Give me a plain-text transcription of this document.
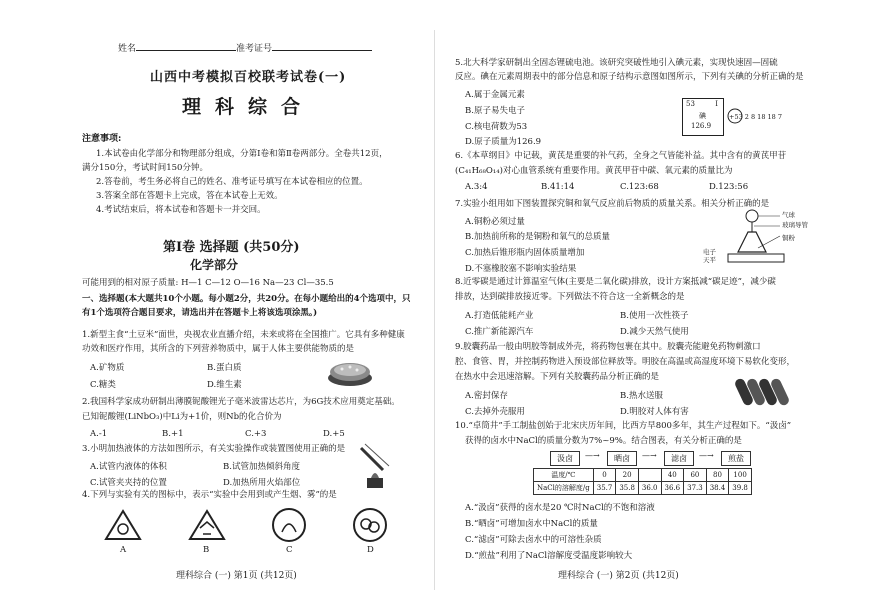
姓名	准考证号
山西中考模拟百校联考试卷(一)
理科综合
注意事项:
1.本试卷由化学部分和物理部分组成，分第Ⅰ卷和第Ⅱ卷两部分。全卷共12页，
满分150分，考试时间150分钟。
2.答卷前，考生务必将自己的姓名、准考证号填写在本试卷相应的位置。
3.答案全部在答题卡上完成，答在本试卷上无效。
4.考试结束后，将本试卷和答题卡一并交回。
第Ⅰ卷 选择题 (共50分)
化学部分
可能用到的相对原子质量: H—1 C—12 O—16 Na—23 Cl—35.5
一、选择题(本大题共10个小题。每小题2分，共20分。在每小题给出的4个选项中，只
有1个选项符合题目要求，请选出并在答题卡上将该选项涂黑。)
1.新型主食“土豆米”面世，央视农业直播介绍，未来或将在全国推广。它具有多种健康
功效和医疗作用，其所含的下列营养物质中，属于人体主要供能物质的是
A.矿物质	B.蛋白质
C.糖类	D.维生素
2.我国科学家成功研制出薄膜铌酸锂光子毫米波雷达芯片，为6G技术应用奠定基础。
已知铌酸锂(LiNbO₃)中Li为+1价，则Nb的化合价为
A.-1	B.+1	C.+3	D.+5
3.小明加热液体的方法如图所示，有关实验操作或装置图使用正确的是
A.试管内液体的体积	B.试管加热倾斜角度
C.试管夹夹持的位置	D.加热所用火焰部位
4.下列与实验有关的图标中，表示“实验中会用到或产生烟、雾”的是
A	B	C	D
理科综合 (一) 第1页 (共12页)
5.北大科学家研制出全固态锂硫电池。该研究突破性地引入碘元素，实现快速固—固硫
反应。碘在元素周期表中的部分信息和原子结构示意图如图所示，下列有关碘的分析正确的是
A.属于金属元素
B.原子易失电子
C.核电荷数为53
D.原子质量为126.9
53	I
碘
126.9
+53 2 8 18 18 7
6.《本草纲目》中记载，黄芪是重要的补气药，全身之气皆能补益。其中含有的黄芪甲苷
(C₄₁H₆₈O₁₄)对心血管系统有重要作用。黄芪甲苷中碳、氧元素的质量比为
A.3:4	B.41:14	C.123:68	D.123:56
7.实验小组用如下图装置探究铜和氧气反应前后物质的质量关系。相关分析正确的是
A.铜粉必须过量
B.加热前所称的是铜粉和氧气的总质量
C.加热后锥形瓶内固体质量增加
D.不塞橡胶塞不影响实验结果
气球
玻璃导管
铜粉
电子天平
8.近零碳是通过计算温室气体(主要是二氧化碳)排放，设计方案抵减“碳足迹”，减少碳
排放，达到碳排放接近零。下列做法不符合这一全新概念的是
A.打造低能耗产业	B.使用一次性筷子
C.推广新能源汽车	D.减少天然气使用
9.胶囊药品一般由明胶等制成外壳，将药物包裹在其中。胶囊壳能避免药物刺激口
腔、食管、胃，并控制药物进入预设部位释放等。明胶在高温或高湿度环境下易软化变形，
在热水中会迅速溶解。下列有关胶囊药品分析正确的是
A.密封保存	B.热水送服
C.去掉外壳服用	D.明胶对人体有害
10.“卓筒井”手工制盐创始于北宋庆历年间，比西方早800多年，其生产过程如下。“汲卤”
获得的卤水中NaCl的质量分数为7%~9%。结合图表，有关分析正确的是
汲卤	—→	晒卤	—→	滤卤	—→	煎盐
温度/℃	0	20		40	60	80	100
NaCl的溶解度/g	35.7	35.8	36.0	36.6	37.3	38.4	39.8
A.“汲卤”获得的卤水是20 ℃时NaCl的不饱和溶液
B.“晒卤”可增加卤水中NaCl的质量
C.“滤卤”可除去卤水中的可溶性杂质
D.“煎盐”利用了NaCl溶解度受温度影响较大
理科综合 (一) 第2页 (共12页)
